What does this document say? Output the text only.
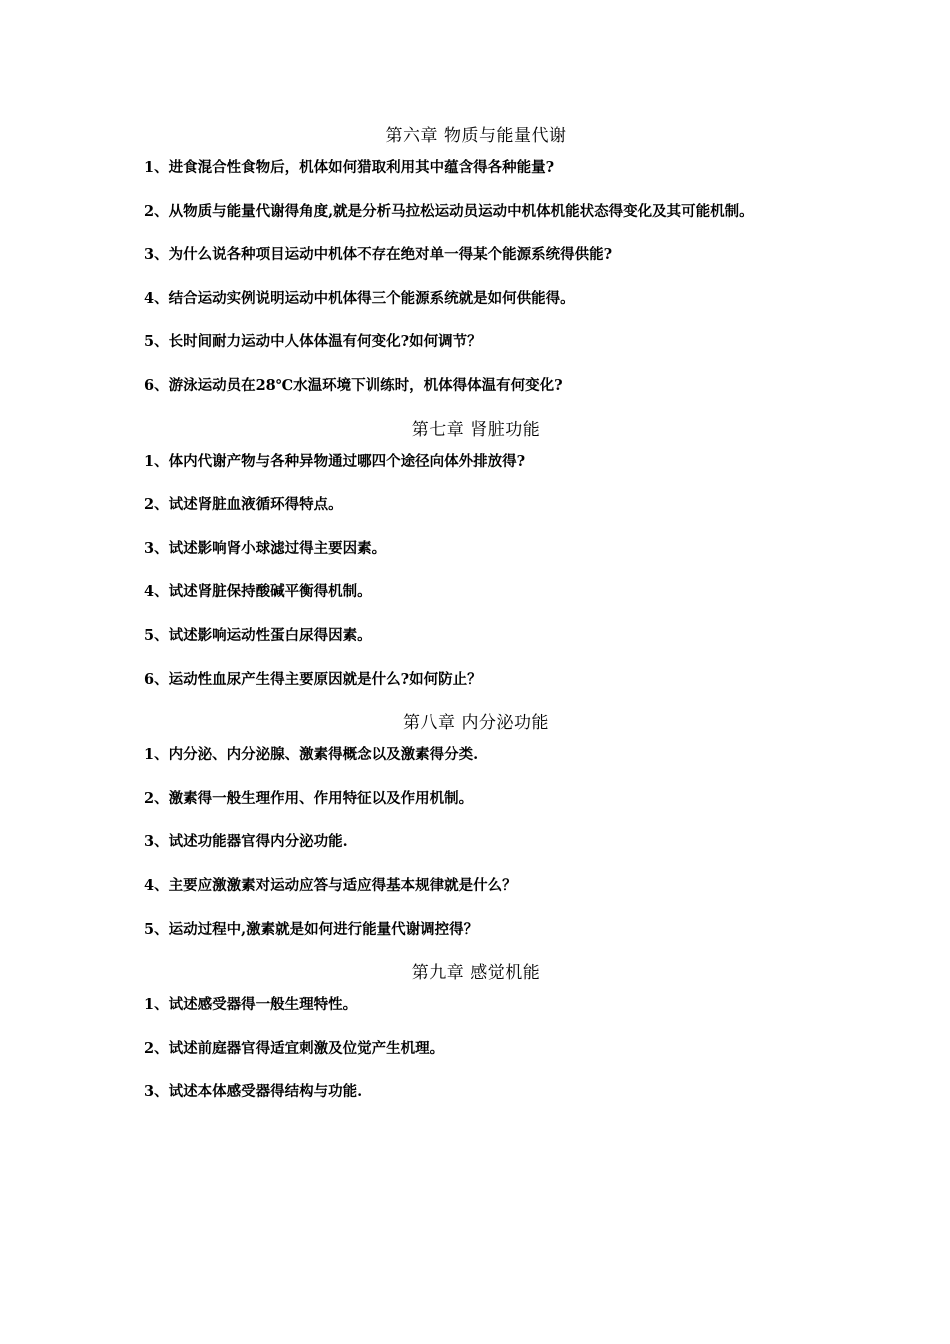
第六章 物质与能量代谢

1、进食混合性食物后，机体如何猎取利用其中蕴含得各种能量?

2、从物质与能量代谢得角度,就是分析马拉松运动员运动中机体机能状态得变化及其可能机制。

3、为什么说各种项目运动中机体不存在绝对单一得某个能源系统得供能?

4、结合运动实例说明运动中机体得三个能源系统就是如何供能得。

5、长时间耐力运动中人体体温有何变化?如何调节？

6、游泳运动员在28℃水温环境下训练时，机体得体温有何变化?

第七章 肾脏功能

1、体内代谢产物与各种异物通过哪四个途径向体外排放得?

2、试述肾脏血液循环得特点。

3、试述影响肾小球滤过得主要因素。

4、试述肾脏保持酸碱平衡得机制。

5、试述影响运动性蛋白尿得因素。

6、运动性血尿产生得主要原因就是什么?如何防止？

第八章 内分泌功能

1、内分泌、内分泌腺、激素得概念以及激素得分类.

2、激素得一般生理作用、作用特征以及作用机制。

3、试述功能器官得内分泌功能.

4、主要应激激素对运动应答与适应得基本规律就是什么？

5、运动过程中,激素就是如何进行能量代谢调控得？

第九章 感觉机能

1、试述感受器得一般生理特性。

2、试述前庭器官得适宜刺激及位觉产生机理。

3、试述本体感受器得结构与功能.
